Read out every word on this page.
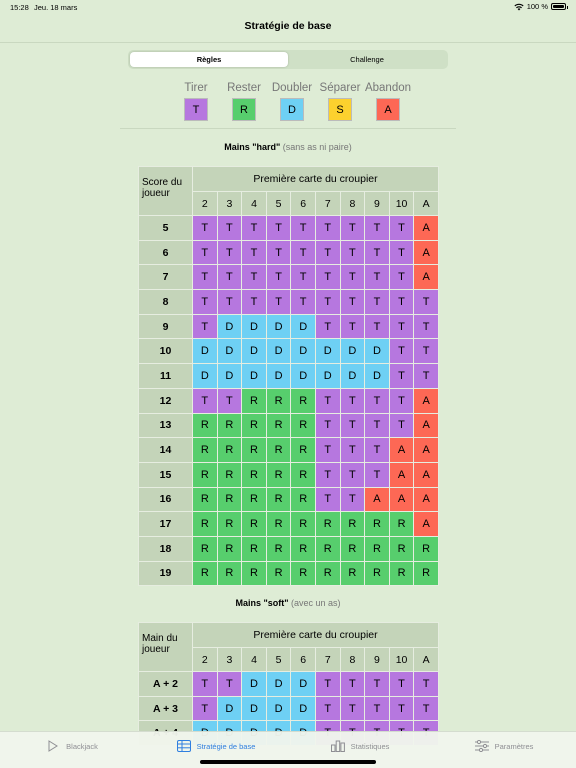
15:28 Jeu. 18 mars	100 %
Stratégie de base
Règles	Challenge
Tirer
T
Rester
R
Doubler
D
Séparer
S
Abandon
A
Mains "hard" (sans as ni paire)
Score du joueur	Première carte du croupier									
	2	3	4	5	6	7	8	9	10	A
5	T	T	T	T	T	T	T	T	T	A
6	T	T	T	T	T	T	T	T	T	A
7	T	T	T	T	T	T	T	T	T	A
8	T	T	T	T	T	T	T	T	T	T
9	T	D	D	D	D	T	T	T	T	T
10	D	D	D	D	D	D	D	D	T	T
11	D	D	D	D	D	D	D	D	T	T
12	T	T	R	R	R	T	T	T	T	A
13	R	R	R	R	R	T	T	T	T	A
14	R	R	R	R	R	T	T	T	A	A
15	R	R	R	R	R	T	T	T	A	A
16	R	R	R	R	R	T	T	A	A	A
17	R	R	R	R	R	R	R	R	R	A
18	R	R	R	R	R	R	R	R	R	R
19	R	R	R	R	R	R	R	R	R	R
Mains "soft" (avec un as)
Main du joueur	Première carte du croupier									
	2	3	4	5	6	7	8	9	10	A
A + 2	T	T	D	D	D	T	T	T	T	T
A + 3	T	D	D	D	D	T	T	T	T	T

Blackjack	Stratégie de base	Statistiques	Paramètres
